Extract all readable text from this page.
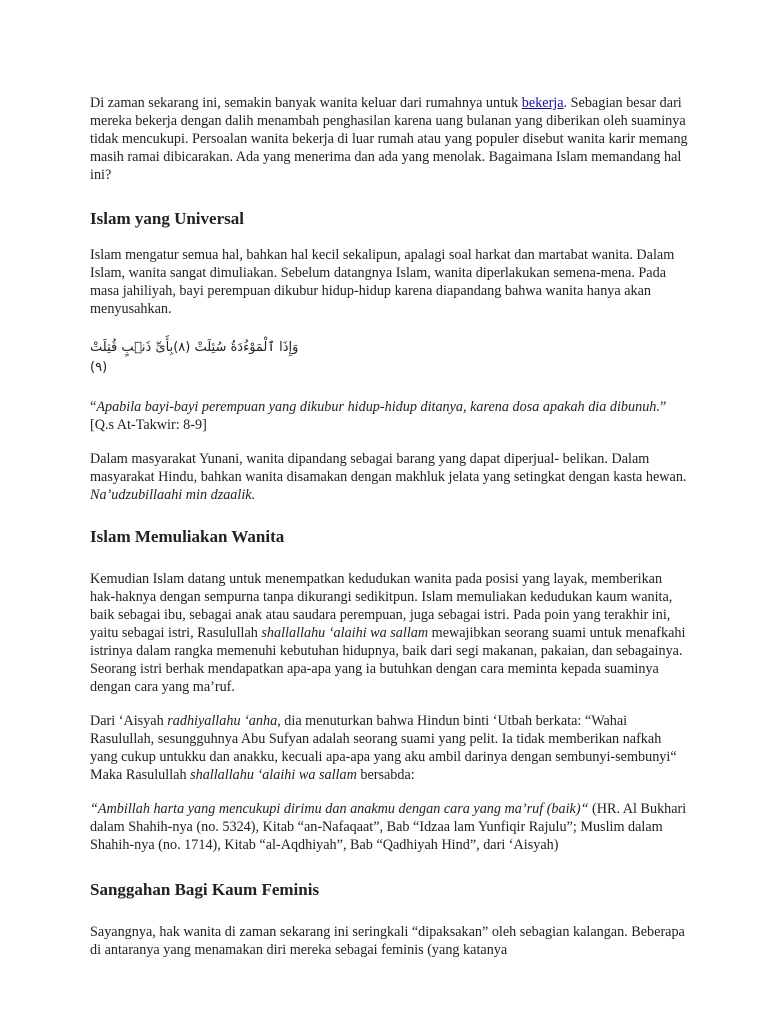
Di zaman sekarang ini, semakin banyak wanita keluar dari rumahnya untuk bekerja. Sebagian besar dari mereka bekerja dengan dalih menambah penghasilan karena uang bulanan yang diberikan oleh suaminya tidak mencukupi. Persoalan wanita bekerja di luar rumah atau yang populer disebut wanita karir memang masih ramai dibicarakan. Ada yang menerima dan ada yang menolak. Bagaimana Islam memandang hal ini?

Islam yang Universal

Islam mengatur semua hal, bahkan hal kecil sekalipun, apalagi soal harkat dan martabat wanita. Dalam Islam, wanita sangat dimuliakan. Sebelum datangnya Islam, wanita diperlakukan semena-mena. Pada masa jahiliyah, bayi perempuan dikubur hidup-hidup karena diapandang bahwa wanita hanya akan menyusahkan.

وَإِذَا ٱلْمَوْءُدَةُ سُئِلَتْ (٨)بِأَىِّ ذَنۢبٍ قُتِلَتْ (٩)

“Apabila bayi-bayi perempuan yang dikubur hidup-hidup ditanya, karena dosa apakah dia dibunuh.” [Q.s At-Takwir: 8-9]

Dalam masyarakat Yunani, wanita dipandang sebagai barang yang dapat diperjual- belikan. Dalam masyarakat Hindu, bahkan wanita disamakan dengan makhluk jelata yang setingkat dengan kasta hewan. Na’udzubillaahi min dzaalik.

Islam Memuliakan Wanita

Kemudian Islam datang untuk menempatkan kedudukan wanita pada posisi yang layak, memberikan hak-haknya dengan sempurna tanpa dikurangi sedikitpun. Islam memuliakan kedudukan kaum wanita, baik sebagai ibu, sebagai anak atau saudara perempuan, juga sebagai istri. Pada poin yang terakhir ini, yaitu sebagai istri, Rasulullah shallallahu ‘alaihi wa sallam mewajibkan seorang suami untuk menafkahi istrinya dalam rangka memenuhi kebutuhan hidupnya, baik dari segi makanan, pakaian, dan sebagainya. Seorang istri berhak mendapatkan apa-apa yang ia butuhkan dengan cara meminta kepada suaminya dengan cara yang ma’ruf.

Dari ‘Aisyah radhiyallahu ‘anha, dia menuturkan bahwa Hindun binti ‘Utbah berkata: “Wahai Rasulullah, sesungguhnya Abu Sufyan adalah seorang suami yang pelit. Ia tidak memberikan nafkah yang cukup untukku dan anakku, kecuali apa-apa yang aku ambil darinya dengan sembunyi-sembunyi“ Maka Rasulullah shallallahu ‘alaihi wa sallam bersabda:

“Ambillah harta yang mencukupi dirimu dan anakmu dengan cara yang ma’ruf (baik)“ (HR. Al Bukhari dalam Shahih-nya (no. 5324), Kitab “an-Nafaqaat”, Bab “Idzaa lam Yunfiqir Rajulu”; Muslim dalam Shahih-nya (no. 1714), Kitab “al-Aqdhiyah”, Bab “Qadhiyah Hind”, dari ‘Aisyah)

Sanggahan Bagi Kaum Feminis

Sayangnya, hak wanita di zaman sekarang ini seringkali “dipaksakan” oleh sebagian kalangan. Beberapa di antaranya yang menamakan diri mereka sebagai feminis (yang katanya
